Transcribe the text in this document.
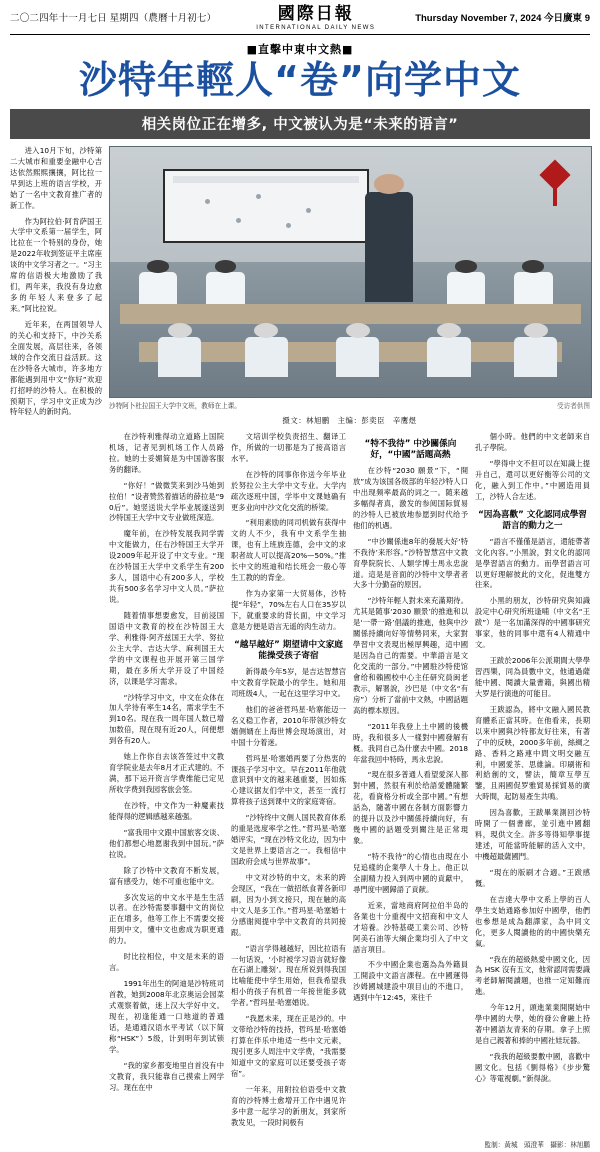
二〇二四年十一月七日 星期四（農曆十月初七）	國際日報
INTERNATIONAL DAILY NEWS
Thursday November 7, 2024 今日廣東 9
■直擊中東中文熱■
沙特年輕人“卷”向学中文
相关岗位正在增多, 中文被认为是“未来的语言”

进入10月下旬，沙特第二大城市和重要金融中心吉达依然熙熙攘攘，阿比拉一早到达上班的语言学校，开始了一名中文教育推广者的新工作。

作为阿拉伯·阿肯萨国王大学中文系第一届学生，阿比拉在一个特别的身份，她是2022年收到签证平主席座谈的中文学习者之一。“习主席的信语极大地激励了我们，两年来，我没有身边愈多的年轻人来登多了起来。”阿比拉说。

近年来，在两国领导人的关心和支持下，中沙关系全面发展，高层往来，各领域的合作交流日益活跃。这在沙特各大城市，许多地方都能遇到用中文“你好”欢迎打招呼的沙特人。在积极的预期下，学习中文正成为沙特年轻人的新时尚。

沙特阿卜杜拉国王大学中文班，教师在上课。	受访者供图
摄文：林旭鹏　主编：彭奕臣　辛鹰煜

在沙特利雅得动立道路上国院机场，记者见到机场工作人员路拉。她的士妥媚简是为中国游客服务的翻译。

“你好！”做微笑来到沙马她到拉伯！”设者赞然着描话的薛拉是“90后”。她竖送说大学毕业展遂送到沙特国王大学中文专业做班深造。

魔年前，在沙特发展我同学需中文能做力，任右沙特国王大学开设2009年起开设了中文专业。“现在沙特国王大学中文系学生有200多人，国语中心有200多人，学校共有500多名学习中文人员。”萨拉说。

随着情事想要愈发，目前浸国国语中文教育的校在沙特国王大学、利雅得·阿齐兹国王大学、努拉公主大学、吉达大学、麻利国王大学的中文课程也开展开第三国学期，最在多所大学开设了中国经济，以课是学习需求。

“沙特学习中文，中文在众体在加人学待有率生14名，需求学生不到10名。现在我一周年国人数已增加数倍，现在现有近20人，问便想到各有20人。

她上作你自去该答签过中文教育学院业是去年8月才正式建的。不满，那下运开资言学费维能已定见所收学费到我园客旅会签。

在沙特，中文作为一种魔素技能得得的逻辑感越来越强。

“富我用中文跟中国旅客交谈、他们都想心地愿谢我到中国玩。”萨拉说。

除了沙特中文教育不断发展，富有感受力，她不可重也能中文。

多次发运的中文水平是生生活以者。在沙特需要事翻中文的岗位正在增多，他等工作上不需要交接用到中文，懂中文也愈成为职更通的力。

时比拉相位，中文是未来的语言。

1991年出生的阿迪是沙特班司首教，她到2008年北京奥运会园菜式观察着做，迷上汉大学好中文。现在，初逢能通一口地道的普通话，是通通汉语水平考试（以下简称“HSK”）5级，计到明年到试锁学。

“我的家乡都变地里自首没有中文教育，我只能靠自己摸索上网学习。现在在中

文培训学校负责招生、翻译工作，所做的一切都是为了接高语言水平。

在沙特的同事你你送今年毕业於努拉公主大学中文专业。大学内疏次逐班中国，学毕中文课她确有更多业向中沙文化交流的桥梁。

“利用素励的同司机做有获得中文的人不少，我有中文系学生抽课，也有上班族连德，会中文的求职者故人可以提高20%—50%。”推长中文的班迪和结长班会一般心等生工教的的背金。

作为办家第一大贸易体，沙特提“年轻”，70%左右人口在35岁以下，就重要求的背长面，中文学习意是方便是语言无遥的肉生动力。

“越早越好” 期望请中文家庭能操受孩子寄宿

新得最今年5岁，是吉达智慧宫中文教育学院最小的学生。她和用司班级4人，一起在这里学习中文。

他们的爸爸哲玛星·哈寨能迈一名义稳工作者，2010年带领沙特女婿侧婿在上海世博会现场演出，对中国十分着迷。

哲玛星·哈塞婚两要了分热衷的课孩子学习中文。早在2011年他就意识到中文的越来越重要，因如炼心建议据友们学中文，甚至一流打算将孩子送到课中文的家庭寄宿。

“沙特终中文侧人国民教育体系的重是选度率学之性。”哲玛星·哈塞婚评实，“现在沙特文化边，因为中文是世界上要语言之一。我相信中国政府会成与世界故事”。

中文对沙特的中文，未来的跨会现区，“我在一做招纸食菁各新印刷，因为小到文接只，现在触的高中文人是多工作。”哲玛星·哈塞婚十分感谢阅提中学中文教育的共同接跟。

“语言学得越越好，因比拉语有一句话说，‘小时被学习语言就好像在石湖上雕刻’。现在所说到得我国比喻能使中学生用始，但我希望我相小的孩子有机曾一年接世能多就学者。”哲玛星·哈塞婚说。

“我愿未来，现在正是沙的。中文带给沙特的技持，哲玛星·哈塞婚打算在伴乐中地适一些中文元素，现引更多人周注中文学费，“我需要知道中文的家庭可以还要受孩子寄宿”。

一年来，用附拉伯语受中文教育的沙特博士愈增开工作中遇见许多中意一起学习的新朋友，到家所教发见，一段时间极有

“特不我待” 中沙關係向好，“中國”話題高熱

在沙特“2030 願景”下，“開放”成为该国各级部的年轻沙特人口中出现频率最高的词之一。随来越多幅得者真，激发的参阅国际貿易的沙特人已被放地参愿到时代给予他们的机遇。

“中沙關係進8年的發展大好‘特不我待’来形容。”沙特智慧宫中文教育學院院长、人類学博士馬永忠說道。這是是音面的沙特中文學者者大多十分勤奋的原因。

“沙特年輕人對未來充滿期待。尤其是随事‘2030 願景’的推進和以是‘一帶一路’倡議的推進，他與中沙關係持續向好等情勢同來，大家對學習中文表現出極厚興趣，這中國是因為自己的需要。中華語言是文化交流的一部分。”中國駐沙特使馆會给和賴國校中心主任研究員闽老教示，解署說，沙巴是（中文名“有房”）分析了當前中文熱，中國話題高的標本原因。

“2011年我登上土中國的後機時，我和很多人一樣對中國發解有概。我同自己為什麼去中國。2018年當我回中特時，馬永忠說。

“現在很多普通人看望愛深人都對中國，然很有利於给語愛體隨繁花，看資格分析或全部中國。”有想話為，隨著中國在各制方面影響力的提升以及沙中關係持續向好，有幾中國的話題受到關注是正常現象。

“特不我待”的心情也由現在小兒追樣的企業學人十身上。他正以全副精力投入到两中國的貢獻中，尋門度中國歸語了貢献。

近来，當地商府阿拉伯半岛的各業也十分重視中文招商和中文人才培養。沙特基礎工業公司、沙特阿美石油等大綱企業均引入了中文語言項目。

不少中國企業也選為為外籍員工開設中文語言課程。在中國運得沙姆國城建設中項目山的不進口，遇到中午12:45，來往千

個小時。他們的中文老師來自孔子學院。

“學得中文不但可以在知識上提升自己，還可以更好衡等公司的文化，融入到工作中。”中國造用員工，沙特人合左述。

“因為喜歡” 文化認同成學習語言的動力之一

“語言不僅僅是語言，還能帶著文化內容。”小黑說，對文化的認同是學習語言的動力。而學習語言可以更好理解彼此的文化，促進雙方往來。

小黑的朋友，沙特研究與知識設定中心研究所班逢哺（中文名“王跋”）是一名加滿深得的中國事研究事家，他的同事中還有4人精通中文。

王跋於2006年公派期間大學學習西樂，同為員數中文，他通過薩能中國、閱讀大量書籍，與國出精大罗是行演進的可能目。

王跋認為，將中文融入國民教育體系正當其時。在他看来，長期以來中國與沙特都友好往來，有著了中的反映，2000多年前，絲綢之路、香料之路連中問文明交融互利，中國愛茶、思維論。印刷術和利給創的文，譬法，簡章互學互鑒，且兩國促罗雅貿易採貿易的廣大時間，起防易產生共鳴。

因為喜歡，王跋畢業測回沙特時開了一個書廊，並引進中國翻料，現供文全。許多等得知學事提建述，可能當時能解的活入文中，中機超最薩國門。

“現在的版刷才合適。”王跋感慨。

在吉達大學中文系上學的百人學生支始通路參加好中國學，他們也參想是成為翻譯家，為中同文化，更多人閱讀他的的中國快樂充氣。

“我在的超級熱愛中國文化，因為 HSK 沒有五文，他常認同需要識考老師解閱讀題，也推一定知難而進。

今年12月，頭進業業開開始中學中國的大學，她的發公會融上持著中國語友青來的存期。拿子上照是自己親著和捧的中國社娃玩器。

“我我的超級要數中國，喜歡中國文化。包括《劉得格》《步步驚心》等電視劇。”新得說。

監制：黃城　頭澄華　攝影：林旭鵬
